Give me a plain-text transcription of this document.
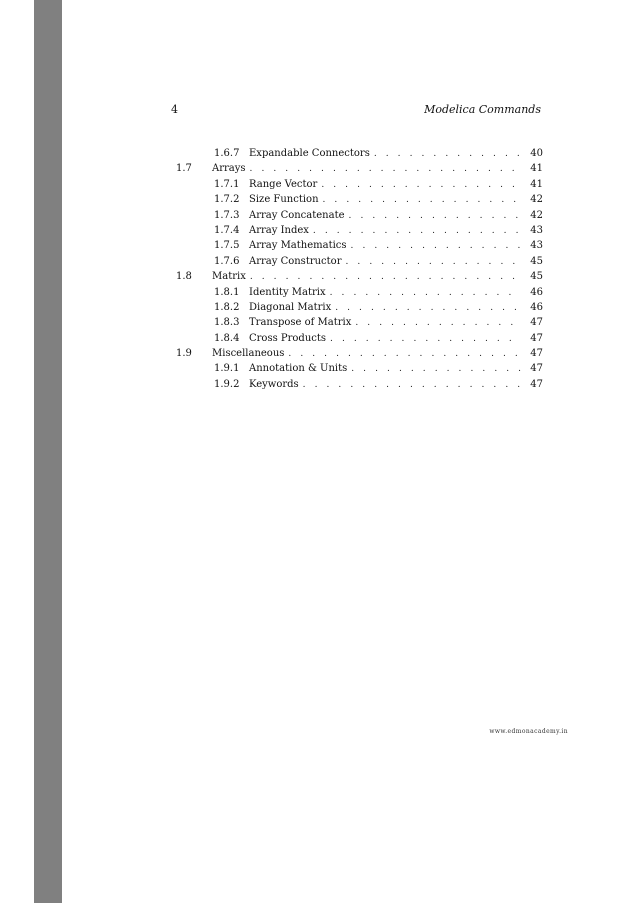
4	Modelica Commands
1.6.7 Expandable Connectors . . .	40
1.7	Arrays . . .	41
1.7.1 Range Vector . . .	41
1.7.2 Size Function . . .	42
1.7.3 Array Concatenate . . .	42
1.7.4 Array Index . . .	43
1.7.5 Array Mathematics . . .	43
1.7.6 Array Constructor . . .	45
1.8	Matrix . . .	45
1.8.1 Identity Matrix . . .	46
1.8.2 Diagonal Matrix . . .	46
1.8.3 Transpose of Matrix . . .	47
1.8.4 Cross Products . . .	47
1.9	Miscellaneous . . .	47
1.9.1 Annotation & Units . . .	47
1.9.2 Keywords . . .	47
www.edmonacademy.in
